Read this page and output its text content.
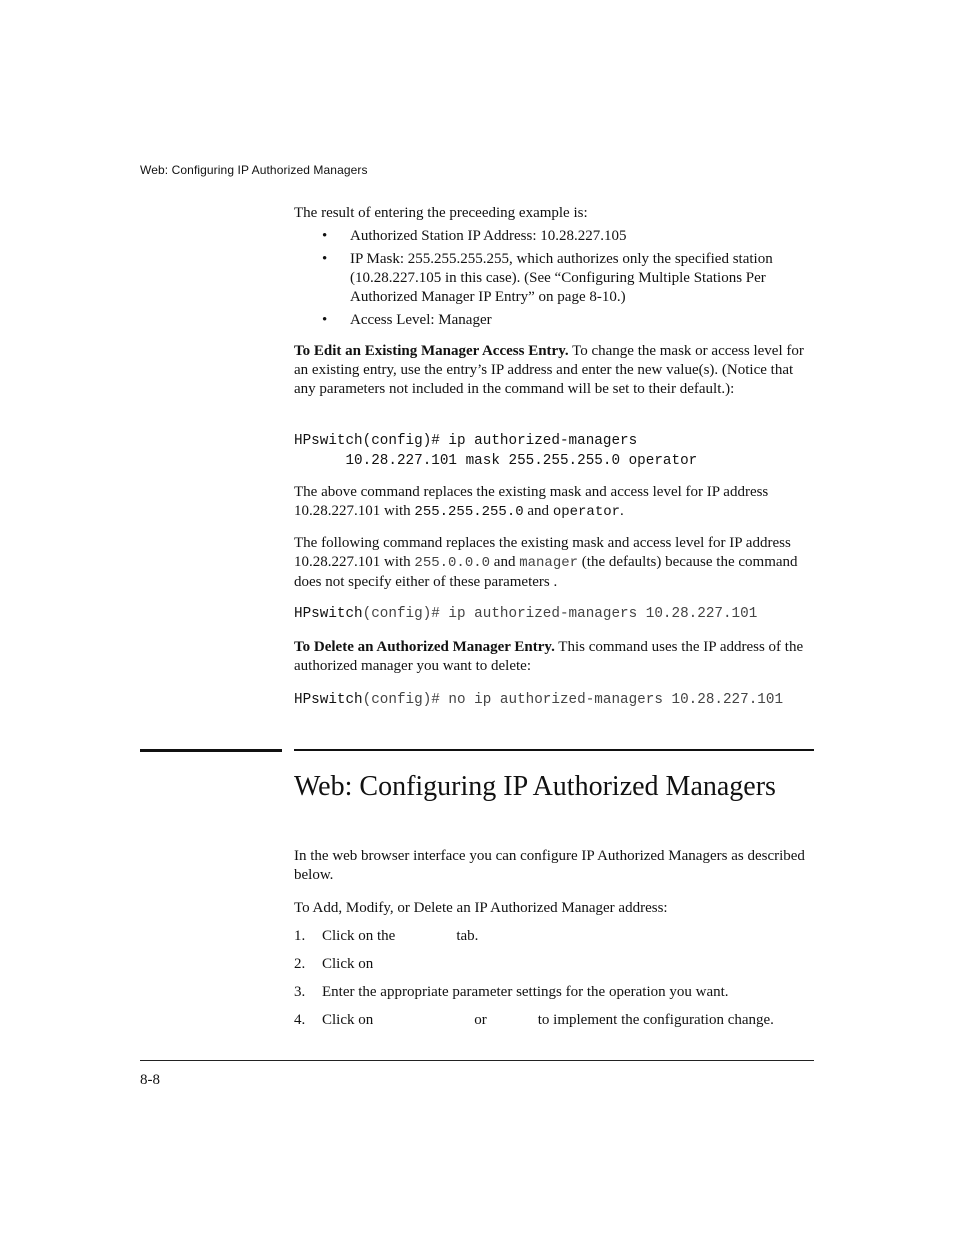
Web: Configuring IP Authorized Managers
The result of entering the preceeding example is:
• Authorized Station IP Address: 10.28.227.105
• IP Mask: 255.255.255.255, which authorizes only the specified station (10.28.227.105 in this case). (See “Configuring Multiple Stations Per Authorized Manager IP Entry” on page 8-10.)
• Access Level: Manager

To Edit an Existing Manager Access Entry. To change the mask or access level for an existing entry, use the entry’s IP address and enter the new value(s). (Notice that any parameters not included in the command will be set to their default.):

HPswitch(config)# ip authorized-managers
10.28.227.101 mask 255.255.255.0 operator

The above command replaces the existing mask and access level for IP address 10.28.227.101 with 255.255.255.0 and operator.

The following command replaces the existing mask and access level for IP address 10.28.227.101 with 255.0.0.0 and manager (the defaults) because the command does not specify either of these parameters .

HPswitch(config)# ip authorized-managers 10.28.227.101

To Delete an Authorized Manager Entry. This command uses the IP address of the authorized manager you want to delete:

HPswitch(config)# no ip authorized-managers 10.28.227.101
Web: Configuring IP Authorized Managers
In the web browser interface you can configure IP Authorized Managers as described below.
To Add, Modify, or Delete an IP Authorized Manager address:
1. Click on the	tab.
2. Click on
3. Enter the appropriate parameter settings for the operation you want.
4. Click on	or	to implement the configuration change.
8-8
